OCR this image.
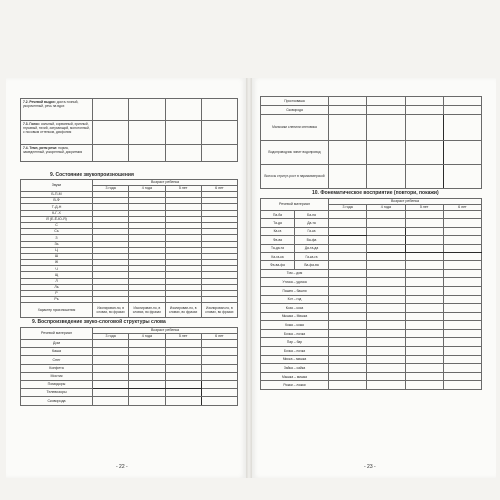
7.2. Речевой выдох: доста-точный, укороченный, речь на вдох				
7.3. Голос: сильный, сорванный, хриплый, гнусавый, тихий, затухающий, монотонный, с носовым оттенком, дисфония				
7.4. Темп, ритм речи: норма, замедленный, ускоренный, дисритмия				
9. Состояние звукопроизношения
Звуки	Возраст ребенка			
	3 года	4 года	5 лет	6 лет
Б-П-М				
В-Ф				
Т-Д-Н				
К-Г-Х				
Й (Е-Ё-Ю-Я)				
С				
Сь				
З				
Зь				
Ц				
Ш				
Ж				
Ч				
Щ				
Л				
Ль				
Р				
Рь				
Характер произношения	Изолирован-но, в словах, во фразах	Изолирован-но, в словах, во фразах	Изолирован-но, в словах, во фразах	Изолирован-но, в словах, во фразах
9. Воспроизведение звуко-слоговой структуры слова
Речевой материал	Возраст ребенка			
	3 года	4 года	5 лет	6 лет
Дом				
Каша				
Снег				
Конфета				
Мостик				
Помидоры				
Телевизоры				
Сковорода				
- 22 -
Простокваша				
Сковорода				
Мальчики слепили снеговика				
Водопроводчик чинит водопровод				
Волосы стригут-рост в парикмахерской				
10. Фонематическое восприятие (повтори, покажи)
Речевой материал		Возраст ребенка			
		3 года	4 года	5 лет	6 лет
Па-ба	Ба-па				
Та-да	Да-та				
Ка-га	Га-ка				
Фа-ва	Ва-фа				
Та-да-та	Да-та-да				
Ка-га-ка	Га-ка-га				
Фа-ва-фа	Ва-фа-ва				
Том – дом					
Уточка – удочка					
Пашня – башня					
Кот – год					
Коза – коса					
Мышка – Мишка					
Кожа – кожа					
Бочка – почка					
Пар – бар					
Бочка – почка					
Миска – мишка					
Зайка – сайка					
Мышка – мишка					
Рожки – ложки					
- 23 -
